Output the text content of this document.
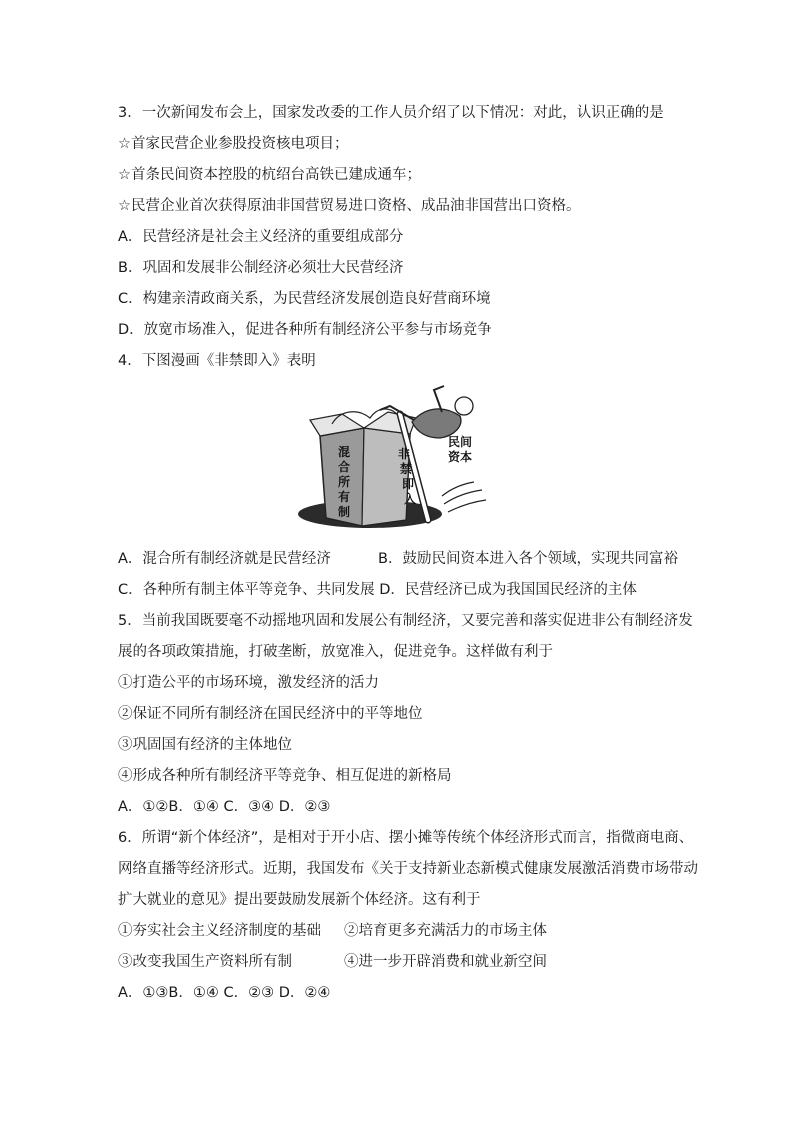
3．一次新闻发布会上，国家发改委的工作人员介绍了以下情况：对此，认识正确的是
☆首家民营企业参股投资核电项目；
☆首条民间资本控股的杭绍台高铁已建成通车；
☆民营企业首次获得原油非国营贸易进口资格、成品油非国营出口资格。
A．民营经济是社会主义经济的重要组成部分
B．巩固和发展非公制经济必须壮大民营经济
C．构建亲清政商关系，为民营经济发展创造良好营商环境
D．放宽市场准入，促进各种所有制经济公平参与市场竞争
4．下图漫画《非禁即入》表明
混
合
所
有
制
非
禁
即
入
民间
资本
A．混合所有制经济就是民营经济	B．鼓励民间资本进入各个领域，实现共同富裕
C．各种所有制主体平等竞争、共同发展 D．民营经济已成为我国国民经济的主体
5．当前我国既要毫不动摇地巩固和发展公有制经济，又要完善和落实促进非公有制经济发
展的各项政策措施，打破垄断，放宽准入，促进竞争。这样做有利于
①打造公平的市场环境，激发经济的活力
②保证不同所有制经济在国民经济中的平等地位
③巩固国有经济的主体地位
④形成各种所有制经济平等竞争、相互促进的新格局
A．①②B．①④ C．③④ D．②③
6．所谓“新个体经济”，是相对于开小店、摆小摊等传统个体经济形式而言，指微商电商、
网络直播等经济形式。近期，我国发布《关于支持新业态新模式健康发展激活消费市场带动
扩大就业的意见》提出要鼓励发展新个体经济。这有利于
①夯实社会主义经济制度的基础 ②培育更多充满活力的市场主体
③改变我国生产资料所有制	④进一步开辟消费和就业新空间
A．①③B．①④ C．②③ D．②④
